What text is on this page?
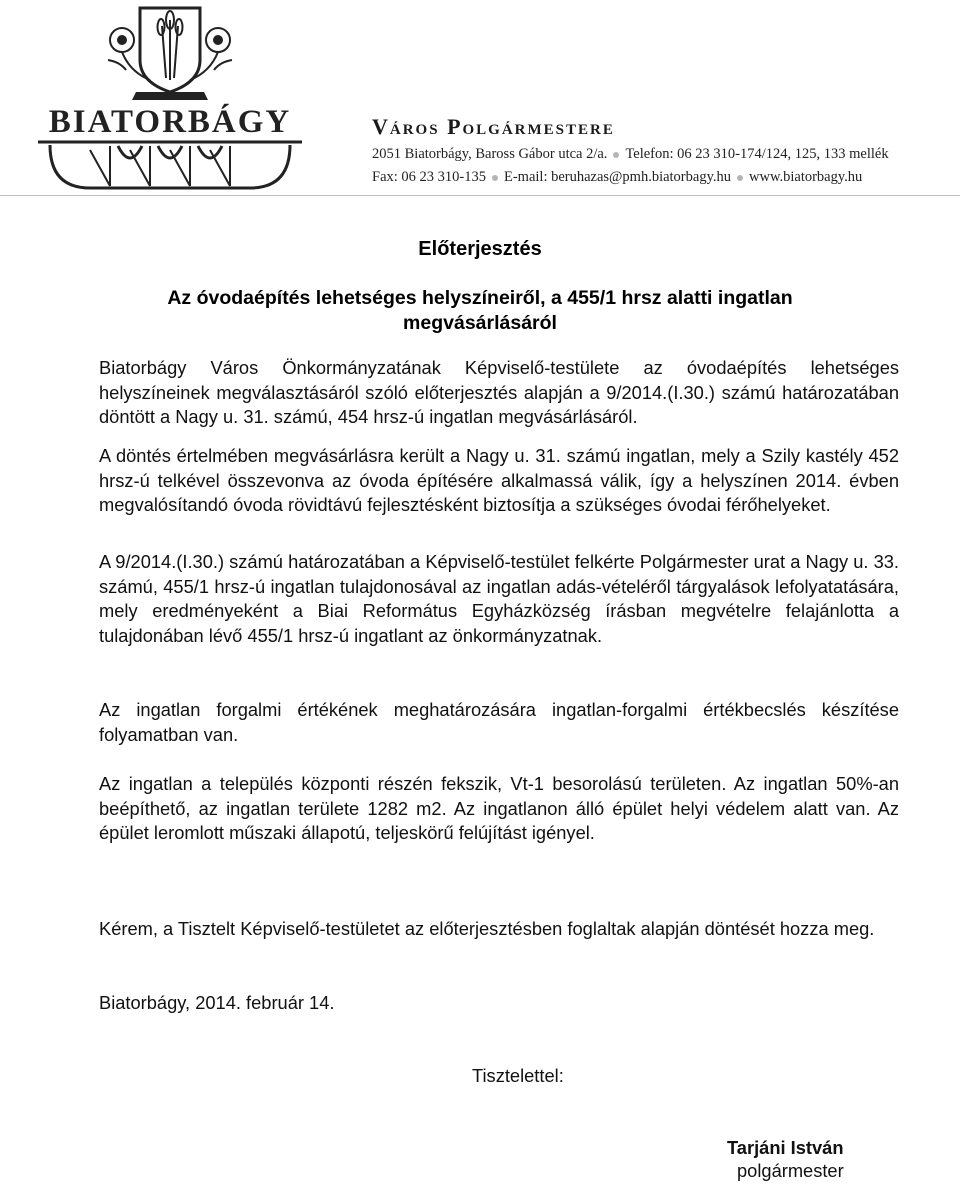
BIATORBÁGY	Város Polgármestere
2051 Biatorbágy, Baross Gábor utca 2/a. Telefon: 06 23 310-174/124, 125, 133 mellék
Fax: 06 23 310-135 E-mail: beruhazas@pmh.biatorbagy.hu www.biatorbagy.hu
Előterjesztés
Az óvodaépítés lehetséges helyszíneiről, a 455/1 hrsz alatti ingatlan megvásárlásáról

Biatorbágy Város Önkormányzatának Képviselő-testülete az óvodaépítés lehetséges helyszíneinek megválasztásáról szóló előterjesztés alapján a 9/2014.(I.30.) számú határozatában döntött a Nagy u. 31. számú, 454 hrsz-ú ingatlan megvásárlásáról.

A döntés értelmében megvásárlásra került a Nagy u. 31. számú ingatlan, mely a Szily kastély 452 hrsz-ú telkével összevonva az óvoda építésére alkalmassá válik, így a helyszínen 2014. évben megvalósítandó óvoda rövidtávú fejlesztésként biztosítja a szükséges óvodai férőhelyeket.

A 9/2014.(I.30.) számú határozatában a Képviselő-testület felkérte Polgármester urat a Nagy u. 33. számú, 455/1 hrsz-ú ingatlan tulajdonosával az ingatlan adás-vételéről tárgyalások lefolyatatására, mely eredményeként a Biai Református Egyházközség írásban megvételre felajánlotta a tulajdonában lévő 455/1 hrsz-ú ingatlant az önkormányzatnak.

Az ingatlan forgalmi értékének meghatározására ingatlan-forgalmi értékbecslés készítése folyamatban van.

Az ingatlan a település központi részén fekszik, Vt-1 besorolású területen. Az ingatlan 50%-an beépíthető, az ingatlan területe 1282 m2. Az ingatlanon álló épület helyi védelem alatt van. Az épület leromlott műszaki állapotú, teljeskörű felújítást igényel.

Kérem, a Tisztelt Képviselő-testületet az előterjesztésben foglaltak alapján döntését hozza meg.

Biatorbágy, 2014. február 14.

Tisztelettel:

Tarjáni István

polgármester
